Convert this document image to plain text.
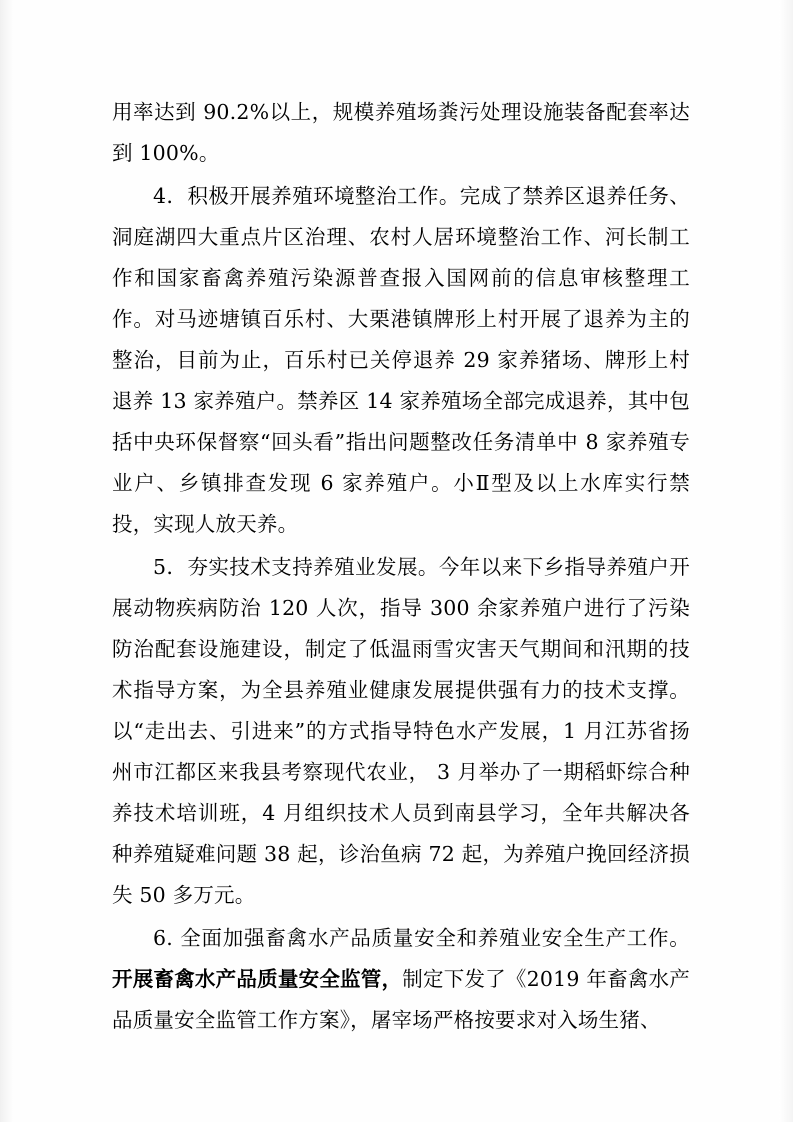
用率达到 90.2%以上，规模养殖场粪污处理设施装备配套率达到 100%。

4．积极开展养殖环境整治工作。完成了禁养区退养任务、洞庭湖四大重点片区治理、农村人居环境整治工作、河长制工作和国家畜禽养殖污染源普查报入国网前的信息审核整理工作。对马迹塘镇百乐村、大栗港镇牌形上村开展了退养为主的整治，目前为止，百乐村已关停退养 29 家养猪场、牌形上村退养 13 家养殖户。禁养区 14 家养殖场全部完成退养，其中包括中央环保督察“回头看”指出问题整改任务清单中 8 家养殖专业户、乡镇排查发现 6 家养殖户。小Ⅱ型及以上水库实行禁投，实现人放天养。

5．夯实技术支持养殖业发展。今年以来下乡指导养殖户开展动物疾病防治 120 人次，指导 300 余家养殖户进行了污染防治配套设施建设，制定了低温雨雪灾害天气期间和汛期的技术指导方案，为全县养殖业健康发展提供强有力的技术支撑。以“走出去、引进来”的方式指导特色水产发展，1 月江苏省扬州市江都区来我县考察现代农业， 3 月举办了一期稻虾综合种养技术培训班，4 月组织技术人员到南县学习，全年共解决各种养殖疑难问题 38 起，诊治鱼病 72 起，为养殖户挽回经济损失 50 多万元。

6. 全面加强畜禽水产品质量安全和养殖业安全生产工作。开展畜禽水产品质量安全监管，制定下发了《2019 年畜禽水产品质量安全监管工作方案》，屠宰场严格按要求对入场生猪、
